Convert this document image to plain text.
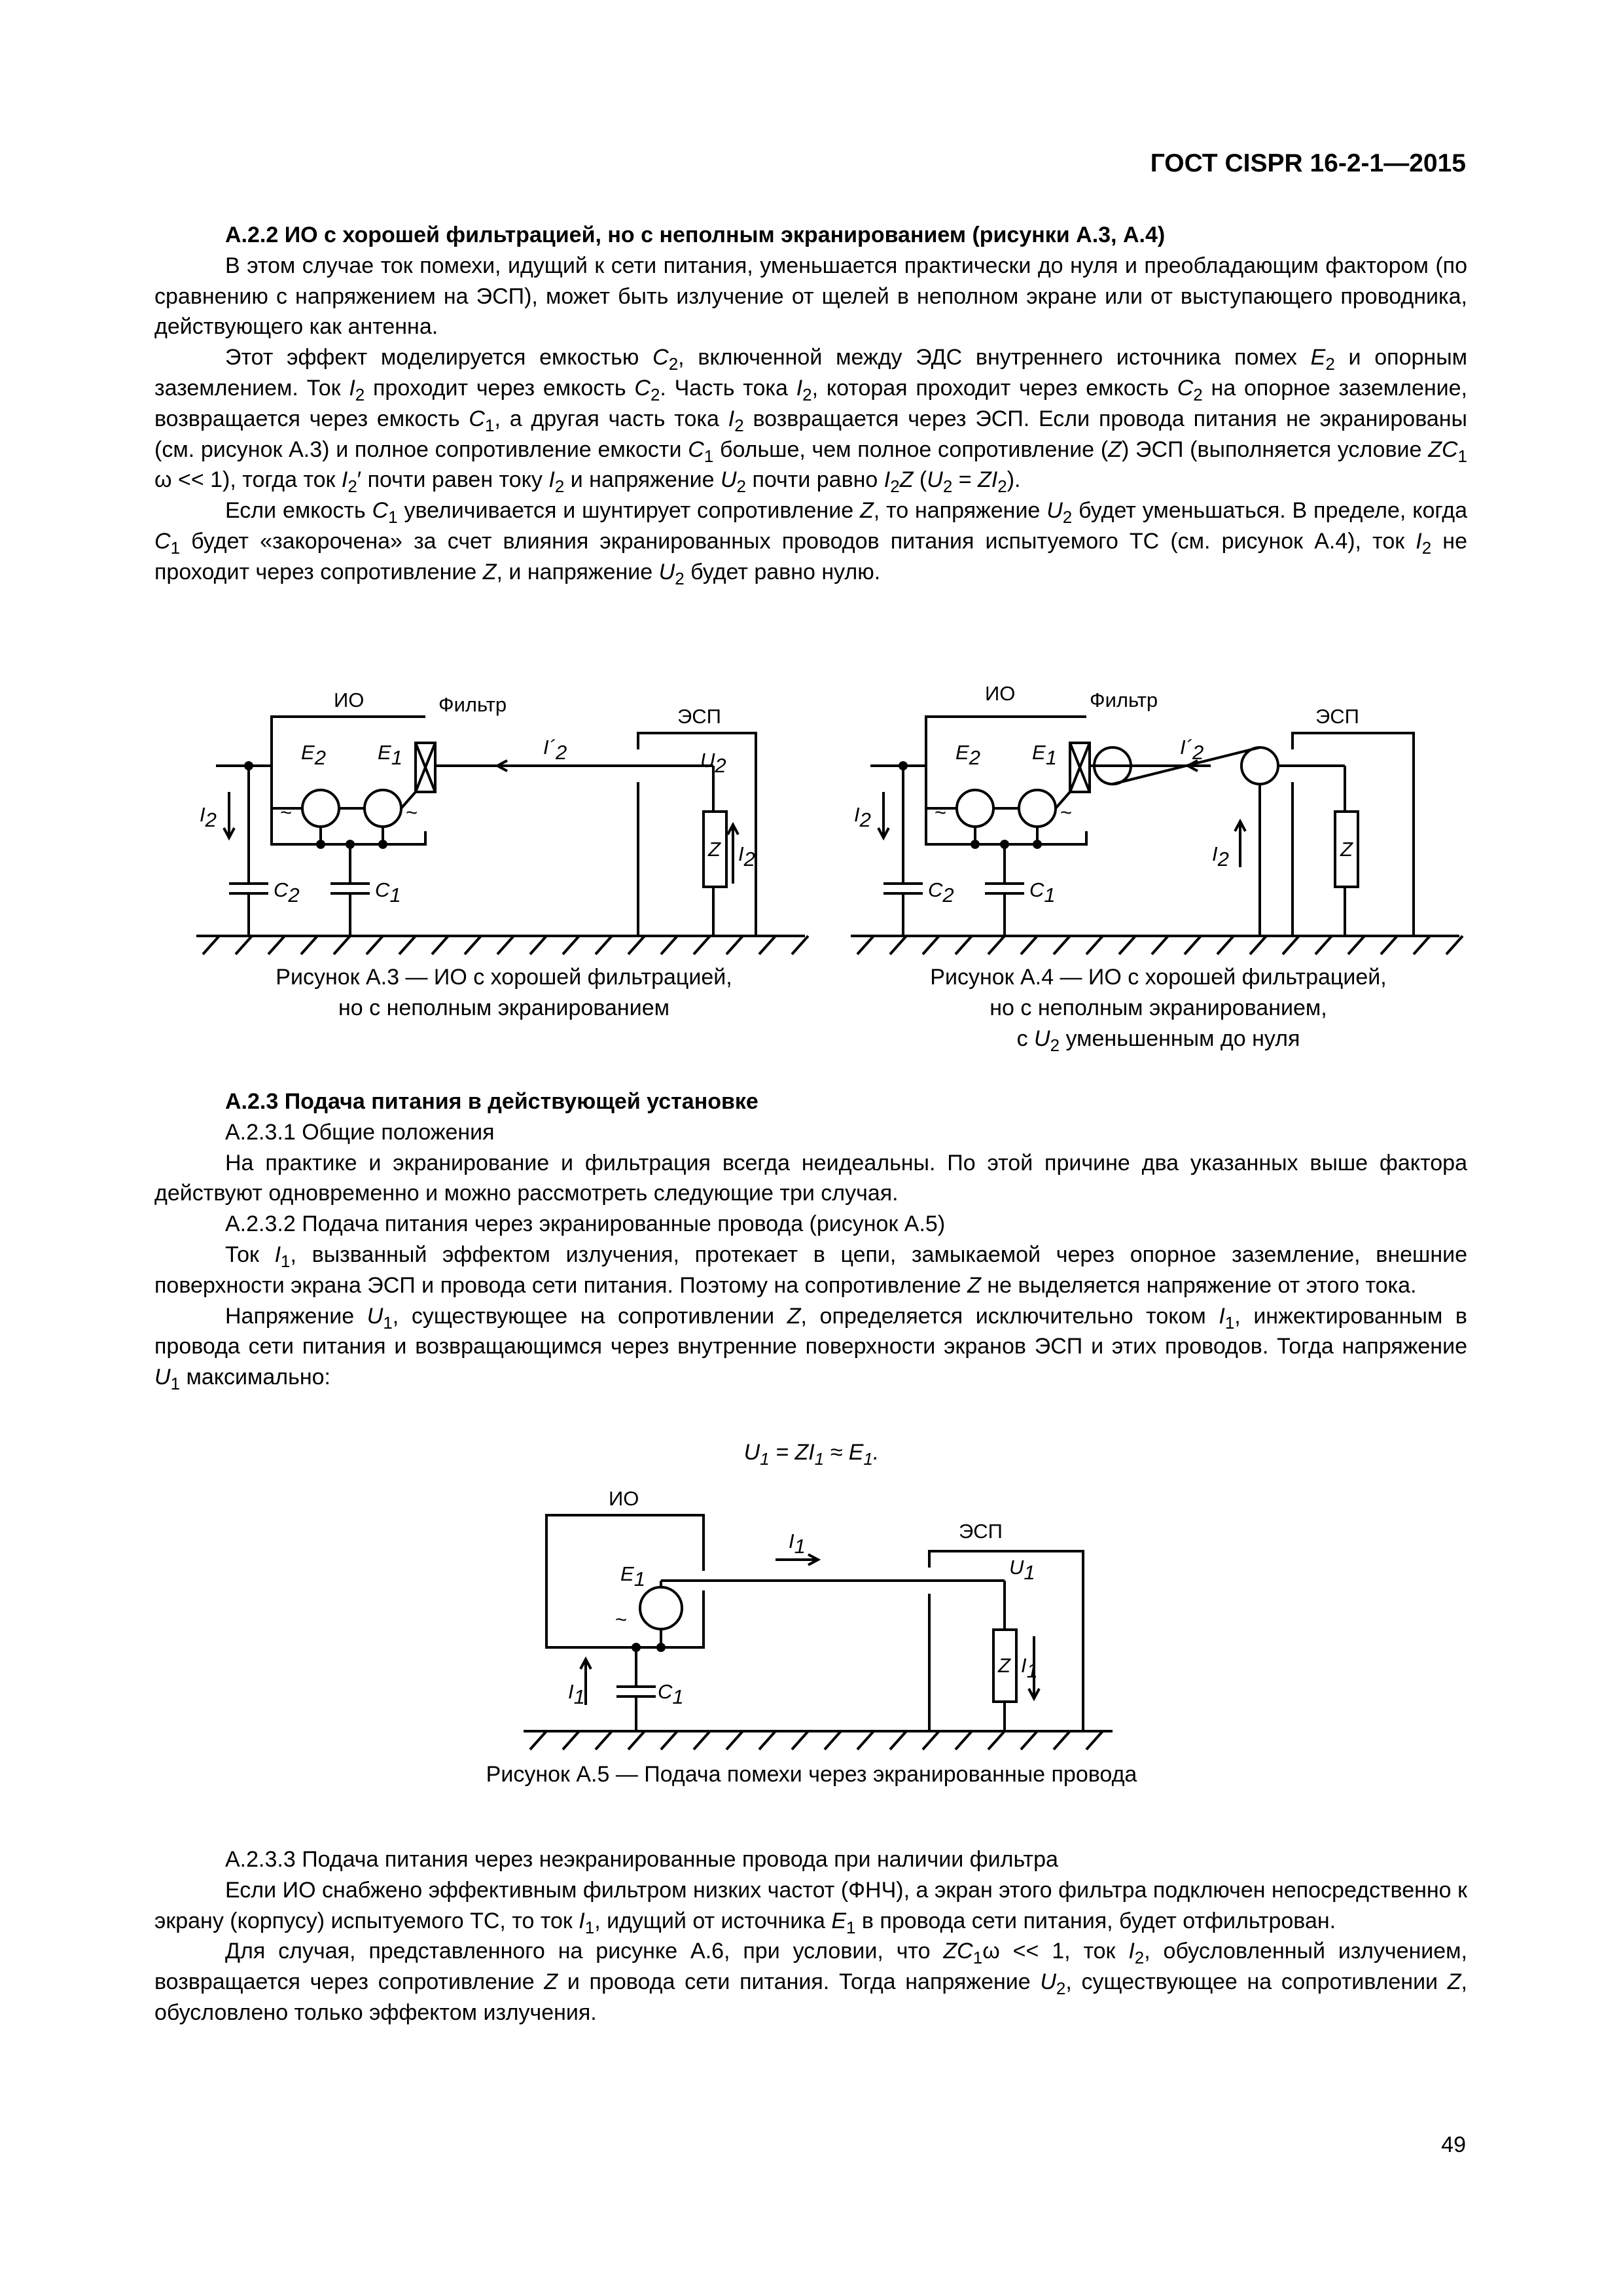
ГОСТ CISPR 16-2-1—2015

А.2.2 ИО с хорошей фильтрацией, но с неполным экранированием (рисунки А.3, А.4)

В этом случае ток помехи, идущий к сети питания, уменьшается практически до нуля и преобладающим фактором (по сравнению с напряжением на ЭСП), может быть излучение от щелей в неполном экране или от выступающего проводника, действующего как антенна.

Этот эффект моделируется емкостью $C_2$, включенной между ЭДС внутреннего источника помех $E_2$ и опорным заземлением. Ток $I_2$ проходит через емкость $C_2$. Часть тока $I_2$, которая проходит через емкость $C_2$ на опорное заземление, возвращается через емкость $C_1$, а другая часть тока $I_2$ возвращается через ЭСП. Если провода питания не экранированы (см. рисунок А.3) и полное сопротивление емкости $C_1$ больше, чем полное сопротивление (Z) ЭСП (выполняется условие $ZC_1$ ω << 1), тогда ток $I_2'$ почти равен току $I_2$ и напряжение $U_2$ почти равно $I_2Z$ $(U_2 = ZI_2)$.

Если емкость $C_1$ увеличивается и шунтирует сопротивление Z, то напряжение $U_2$ будет уменьшаться. В пределе, когда $C_1$ будет «закорочена» за счет влияния экранированных проводов питания испытуемого ТС (см. рисунок А.4), ток $I_2$ не проходит через сопротивление Z, и напряжение $U_2$ будет равно нулю.

ИО	Фильтр
ЭСП
E2	E1
~	~
I´2	U2
Z I2
I2
C2	C1
Рисунок А.3 — ИО с хорошей фильтрацией,
но с неполным экранированием
ИО	Фильтр
ЭСП
E2	E1
~	~
I´2
Z
I2
I2
C2	C1
Рисунок А.4 — ИО с хорошей фильтрацией,
но с неполным экранированием,
с $U_2$ уменьшенным до нуля

А.2.3 Подача питания в действующей установке

А.2.3.1 Общие положения

На практике и экранирование и фильтрация всегда неидеальны. По этой причине два указанных выше фактора действуют одновременно и можно рассмотреть следующие три случая.

А.2.3.2 Подача питания через экранированные провода (рисунок А.5)

Ток $I_1$, вызванный эффектом излучения, протекает в цепи, замыкаемой через опорное заземление, внешние поверхности экрана ЭСП и провода сети питания. Поэтому на сопротивление Z не выделяется напряжение от этого тока.

Напряжение $U_1$, существующее на сопротивлении Z, определяется исключительно током $I_1$, инжектированным в провода сети питания и возвращающимся через внутренние поверхности экранов ЭСП и этих проводов. Тогда напряжение $U_1$ максимально:

$U_1 = ZI_1 \approx E_1$.
ИО
ЭСП
E1
~
I1
U1
Z I1
I1	C1
Рисунок А.5 — Подача помехи через экранированные провода

А.2.3.3 Подача питания через неэкранированные провода при наличии фильтра

Если ИО снабжено эффективным фильтром низких частот (ФНЧ), а экран этого фильтра подключен непосредственно к экрану (корпусу) испытуемого ТС, то ток $I_1$, идущий от источника $E_1$ в провода сети питания, будет отфильтрован.

Для случая, представленного на рисунке А.6, при условии, что $ZC_1\omega << 1$, ток $I_2$, обусловленный излучением, возвращается через сопротивление Z и провода сети питания. Тогда напряжение $U_2$, существующее на сопротивлении Z, обусловлено только эффектом излучения.

49
